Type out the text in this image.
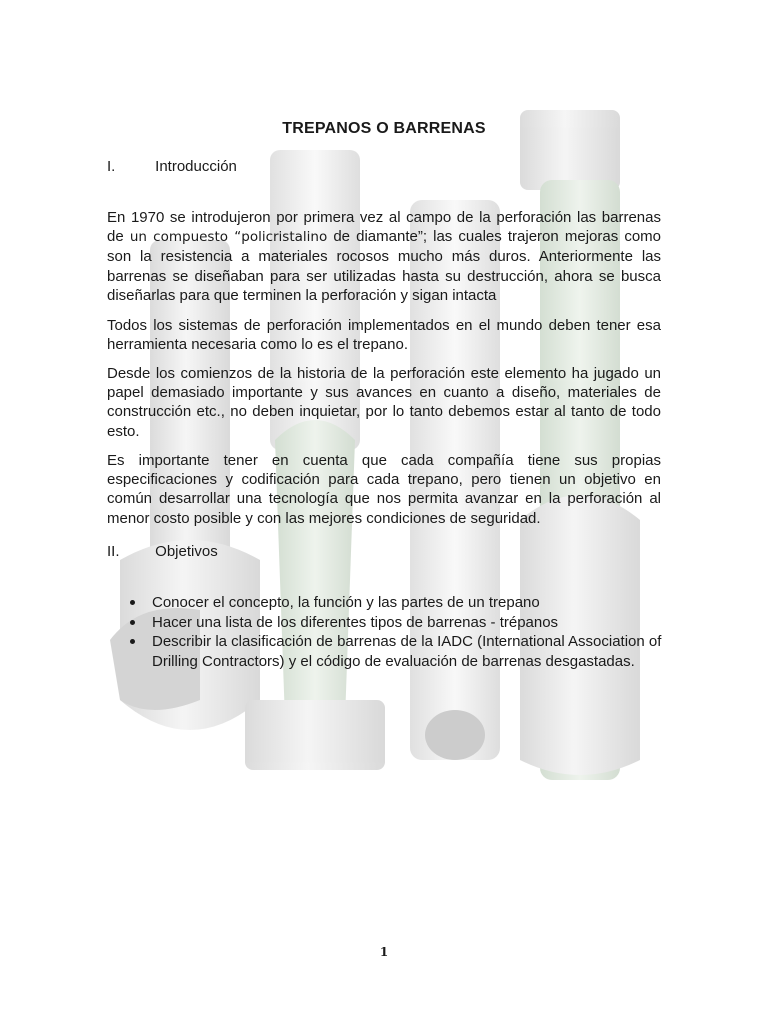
TREPANOS O BARRENAS
I.	Introducción

En 1970 se introdujeron por primera vez al campo de la perforación las barrenas de un compuesto “policristalino de diamante”; las cuales trajeron mejoras como son la resistencia a materiales rocosos mucho más duros. Anteriormente las barrenas se diseñaban para ser utilizadas hasta su destrucción, ahora se busca diseñarlas para que terminen la perforación y sigan intacta

Todos los sistemas de perforación implementados en el mundo deben tener esa herramienta necesaria como lo es el trepano.

Desde los comienzos de la historia de la perforación este elemento ha jugado un papel demasiado importante y sus avances en cuanto a diseño, materiales de construcción etc., no deben inquietar, por lo tanto debemos estar al tanto de todo esto.

Es importante tener en cuenta que cada compañía tiene sus propias especificaciones y codificación para cada trepano, pero tienen un objetivo en común desarrollar una tecnología que nos permita avanzar en la perforación al menor costo posible y con las mejores condiciones de seguridad.

II. Objetivos
Conocer el concepto, la función y las partes de un trepano
Hacer una lista de los diferentes tipos de barrenas - trépanos
Describir la clasificación de barrenas de la IADC (International Association of Drilling Contractors) y el código de evaluación de barrenas desgastadas.
1
